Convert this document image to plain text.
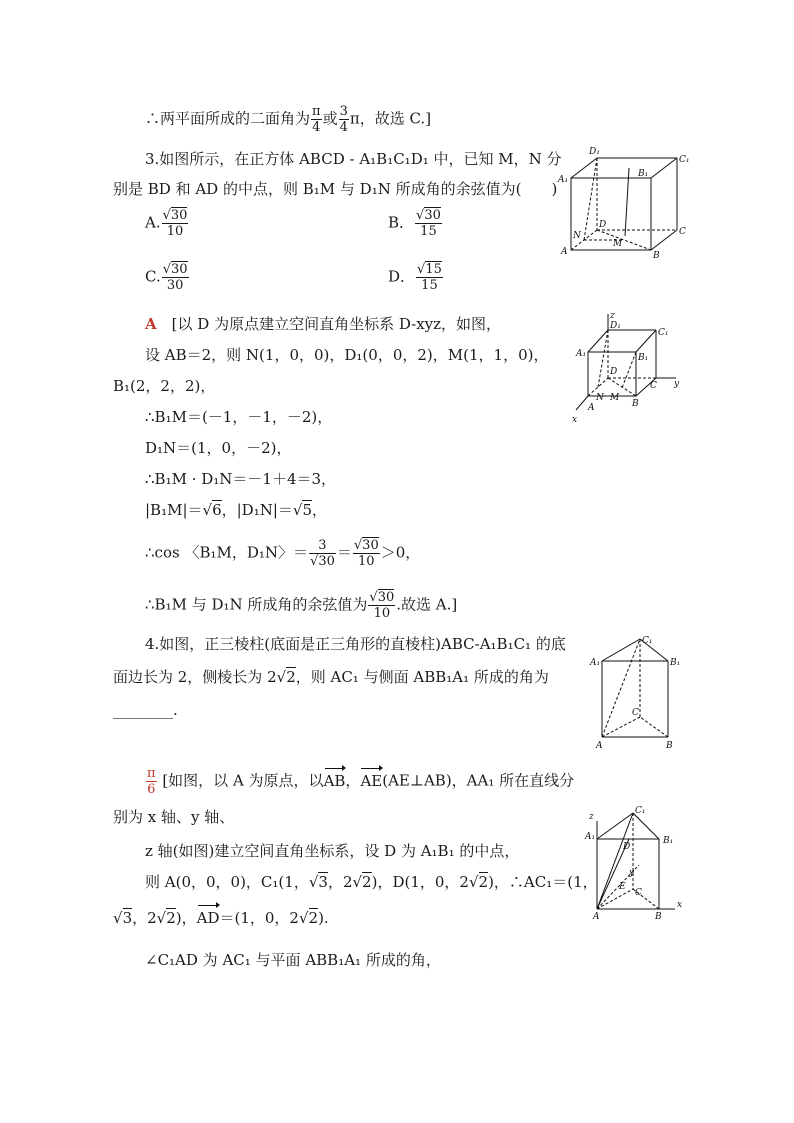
∴两平面所成的二面角为 $\frac{\pi}{4}$ 或 $\frac{3}{4}$ π，故选 C.]
3.如图所示，在正方体 ABCD - A₁B₁C₁D₁ 中，已知 M，N 分
别是 BD 和 AD 的中点，则 B₁M 与 D₁N 所成角的余弦值为(　　)
A. $\frac{√30}{10}$	B． $\frac{√30}{15}$
C. $\frac{√30}{30}$	D． $\frac{√15}{15}$
D₁
C₁
A₁
B₁
D
C
N
M
A	B
A　 [以 D 为原点建立空间直角坐标系 D-xyz，如图，
设 AB＝2，则 N(1，0，0)，D₁(0，0，2)，M(1，1，0)，
B₁(2，2，2)，
∴B₁M＝(－1，－1，－2)，
D₁N＝(1，0，－2)，
∴B₁M · D₁N＝－1＋4＝3，
|B₁M|＝√6，|D₁N|＝√5，
∴cos 〈B₁M，D₁N〉＝ $\frac{3}{√30} = \frac{√30}{10} >0$，
∴B₁M 与 D₁N 所成角的余弦值为 $\frac{√30}{10}$ .故选 A.]
z
D₁
C₁
A₁	B₁
D
C y
A
N M
B
x
4.如图，正三棱柱(底面是正三角形的直棱柱)ABC-A₁B₁C₁ 的底
面边长为 2，侧棱长为 2√2，则 AC₁ 与侧面 ABB₁A₁ 所成的角为
________.
C₁
A₁	B₁
C
A	B
$\frac{\pi}{6}$ [如图，以 A 为原点，以AB，AE(AE⊥AB)，AA₁ 所在直线分
别为 x 轴、y 轴、
z 轴(如图)建立空间直角坐标系，设 D 为 A₁B₁ 的中点，
则 A(0，0，0)，C₁(1，√3，2√2)，D(1，0，2√2)，∴AC₁＝(1，
√3，2√2)，AD＝(1，0，2√2).
∠C₁AD 为 AC₁ 与平面 ABB₁A₁ 所成的角，
z
C₁
A₁	B₁
D
y
E
C
A	B
x
